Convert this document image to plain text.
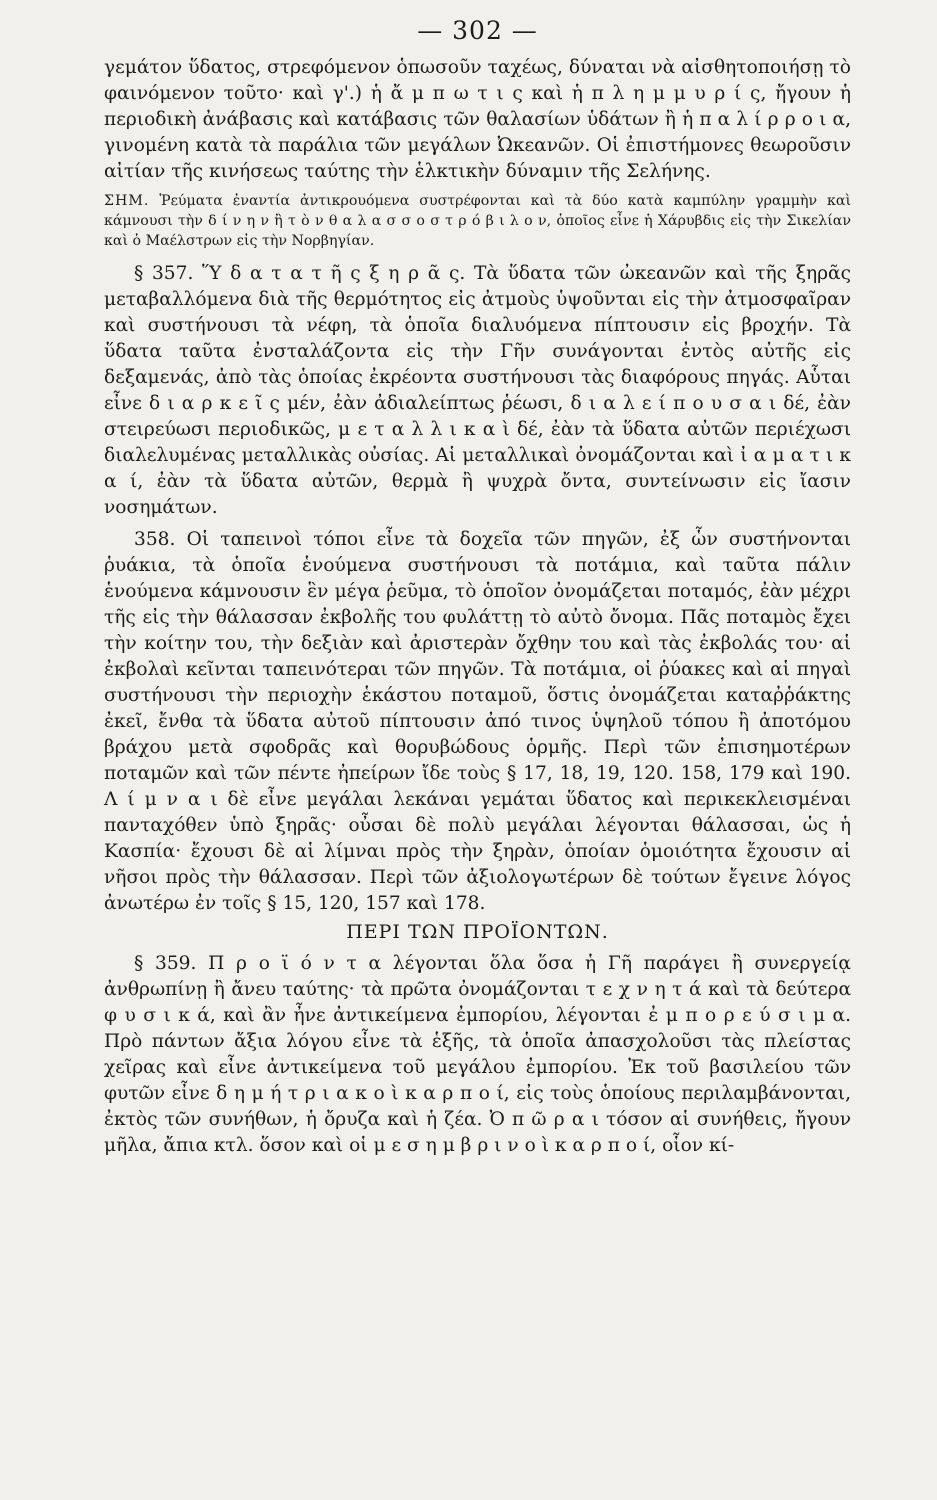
— 302 —

γεμάτον ὕδατος, στρεφόμενον ὁπωσοῦν ταχέως, δύναται νὰ αἰσθητοποιήσῃ τὸ φαινόμενον τοῦτο· καὶ γ'.) ἡ ἄ μ π ω τ ι ς καὶ ἡ π λ η μ μ υ ρ ί ς, ἤγουν ἡ περιοδικὴ ἀνάβασις καὶ κατάβασις τῶν θαλασίων ὑδάτων ἢ ἡ π α λ ί ρ ρ ο ι α, γινομένη κατὰ τὰ παράλια τῶν μεγάλων Ὠκεανῶν. Οἱ ἐπιστήμονες θεωροῦσιν αἰτίαν τῆς κινήσεως ταύτης τὴν ἑλκτικὴν δύναμιν τῆς Σελήνης.

ΣΗΜ. Ῥεύματα ἐναντία ἀντικρουόμενα συστρέφονται καὶ τὰ δύο κατὰ καμπύλην γραμμὴν καὶ κάμνουσι τὴν δ ί ν η ν ἢ τ ὸ ν θ α λ α σ σ ο σ τ ρ ό β ι λ ο ν, ὁποῖος εἶνε ἡ Χάρυβδις εἰς τὴν Σικελίαν καὶ ὁ Μαέλστρων εἰς τὴν Νορβηγίαν.

§ 357. Ὕ δ α τ α τ ῆ ς ξ η ρ ᾶ ς. Τὰ ὕδατα τῶν ὠκεανῶν καὶ τῆς ξηρᾶς μεταβαλλόμενα διὰ τῆς θερμότητος εἰς ἀτμοὺς ὑψοῦνται εἰς τὴν ἀτμοσφαῖραν καὶ συστήνουσι τὰ νέφη, τὰ ὁποῖα διαλυόμενα πίπτουσιν εἰς βροχήν. Τὰ ὕδατα ταῦτα ἐνσταλάζοντα εἰς τὴν Γῆν συνάγονται ἐντὸς αὐτῆς εἰς δεξαμενάς, ἀπὸ τὰς ὁποίας ἐκρέοντα συστήνουσι τὰς διαφόρους πηγάς. Αὗται εἶνε δ ι α ρ κ ε ῖ ς μέν, ἐὰν ἀδιαλείπτως ῥέωσι, δ ι α λ ε ί π ο υ σ α ι δέ, ἐὰν στειρεύωσι περιοδικῶς, μ ε τ α λ λ ι κ α ὶ δέ, ἐὰν τὰ ὕδατα αὐτῶν περιέχωσι διαλελυμένας μεταλλικὰς οὐσίας. Αἱ μεταλλικαὶ ὀνομάζονται καὶ ἰ α μ α τ ι κ α ί, ἐὰν τὰ ὕδατα αὐτῶν, θερμὰ ἢ ψυχρὰ ὄντα, συντείνωσιν εἰς ἴασιν νοσημάτων.

358. Οἱ ταπεινοὶ τόποι εἶνε τὰ δοχεῖα τῶν πηγῶν, ἐξ ὧν συστήνονται ῥυάκια, τὰ ὁποῖα ἑνούμενα συστήνουσι τὰ ποτάμια, καὶ ταῦτα πάλιν ἑνούμενα κάμνουσιν ἓν μέγα ῥεῦμα, τὸ ὁποῖον ὀνομάζεται ποταμός, ἐὰν μέχρι τῆς εἰς τὴν θάλασσαν ἐκβολῆς του φυλάττῃ τὸ αὐτὸ ὄνομα. Πᾶς ποταμὸς ἔχει τὴν κοίτην του, τὴν δεξιὰν καὶ ἀριστερὰν ὄχθην του καὶ τὰς ἐκβολάς του· αἱ ἐκβολαὶ κεῖνται ταπεινότεραι τῶν πηγῶν. Τὰ ποτάμια, οἱ ῥύακες καὶ αἱ πηγαὶ συστήνουσι τὴν περιοχὴν ἑκάστου ποταμοῦ, ὅστις ὀνομάζεται καταῤῥάκτης ἐκεῖ, ἔνθα τὰ ὕδατα αὐτοῦ πίπτουσιν ἀπό τινος ὑψηλοῦ τόπου ἢ ἀποτόμου βράχου μετὰ σφοδρᾶς καὶ θορυβώδους ὁρμῆς. Περὶ τῶν ἐπισημοτέρων ποταμῶν καὶ τῶν πέντε ἠπείρων ἴδε τοὺς § 17, 18, 19, 120. 158, 179 καὶ 190. Λ ί μ ν α ι δὲ εἶνε μεγάλαι λεκάναι γεμάται ὕδατος καὶ περικεκλεισμέναι πανταχόθεν ὑπὸ ξηρᾶς· οὖσαι δὲ πολὺ μεγάλαι λέγονται θάλασσαι, ὡς ἡ Κασπία· ἔχουσι δὲ αἱ λίμναι πρὸς τὴν ξηρὰν, ὁποίαν ὁμοιότητα ἔχουσιν αἱ νῆσοι πρὸς τὴν θάλασσαν. Περὶ τῶν ἀξιολογωτέρων δὲ τούτων ἔγεινε λόγος ἀνωτέρω ἐν τοῖς § 15, 120, 157 καὶ 178.

ΠΕΡΙ ΤΩΝ ΠΡΟΪΟΝΤΩΝ.

§ 359. Π ρ ο ϊ ό ν τ α λέγονται ὅλα ὅσα ἡ Γῆ παράγει ἢ συνεργείᾳ ἀνθρωπίνῃ ἢ ἄνευ ταύτης· τὰ πρῶτα ὀνομάζονται τ ε χ ν η τ ά καὶ τὰ δεύτερα φ υ σ ι κ ά, καὶ ἂν ἦνε ἀντικείμενα ἐμπορίου, λέγονται ἐ μ π ο ρ ε ύ σ ι μ α. Πρὸ πάντων ἄξια λόγου εἶνε τὰ ἑξῆς, τὰ ὁποῖα ἀπασχολοῦσι τὰς πλείστας χεῖρας καὶ εἶνε ἀντικείμενα τοῦ μεγάλου ἐμπορίου. Ἐκ τοῦ βασιλείου τῶν φυτῶν εἶνε δ η μ ή τ ρ ι α κ ο ὶ κ α ρ π ο ί, εἰς τοὺς ὁποίους περιλαμβάνονται, ἐκτὸς τῶν συνήθων, ἡ ὄρυζα καὶ ἡ ζέα. Ὀ π ῶ ρ α ι τόσον αἱ συνήθεις, ἤγουν μῆλα, ἄπια κτλ. ὅσον καὶ οἱ μ ε σ η μ β ρ ι ν ο ὶ κ α ρ π ο ί, οἷον κί-
